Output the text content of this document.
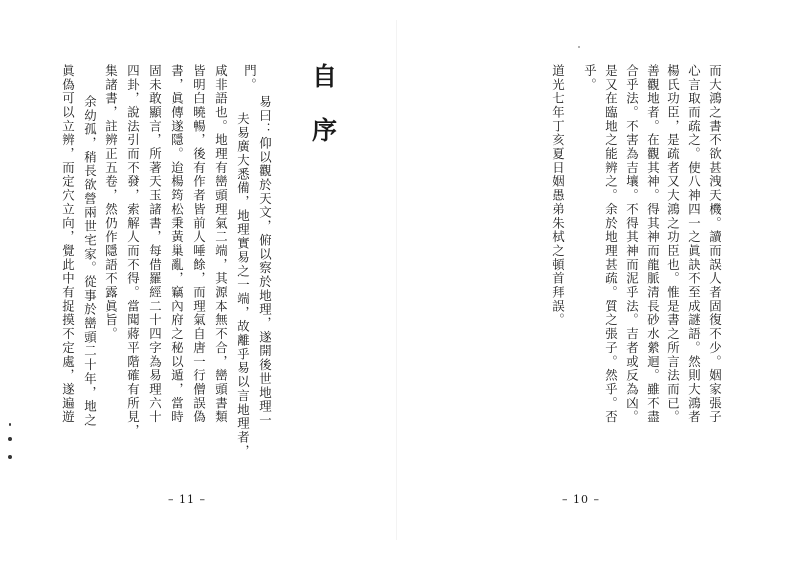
自
序
門。
易曰：仰以觀於天文，俯以察於地理，遂開後世地理一
夫易廣大悉備，地理實易之一端，故離乎易以言地理者，
咸非語也。地理有巒頭理氣二端，其源本無不合，巒頭書類
皆明白曉暢，後有作者皆前人唾餘，而理氣自唐一行僧誤偽
書，眞傳遂隱。迨楊筠松秉黃巢亂，竊內府之秘以遁，當時
固未敢顯言，所著天玉諸書，每借羅經二十四字為易理六十
四卦，說法引而不發，索解人而不得。當聞蔣平階確有所見，
集諸書，註辨正五卷，然仍作隱語不露眞旨。
余幼孤，稍長欲營兩世宅家。從事於巒頭二十年，地之
眞偽可以立辨，而定穴立向，覺此中有捉摸不定處，遂遍遊
– 11 –
而大鴻之書不欲甚洩天機。讀而誤人者固復不少。姻家張子
心言取而疏之。使八神四一之眞訣不至成謎語。然則大鴻者
楊氏功臣，是疏者又大鴻之功臣也。惟是書之所言法而已。
善觀地者。在觀其神。得其神而龍脈清長砂水縈迴。雖不盡
合乎法。不害為吉壤。不得其神而泥乎法。吉者或反為凶。
是又在臨地之能辨之。余於地理甚疏。質之張子。然乎。否
乎。
道光七年丁亥夏日姻愚弟朱栻之頓首拜誤。
– 10 –
